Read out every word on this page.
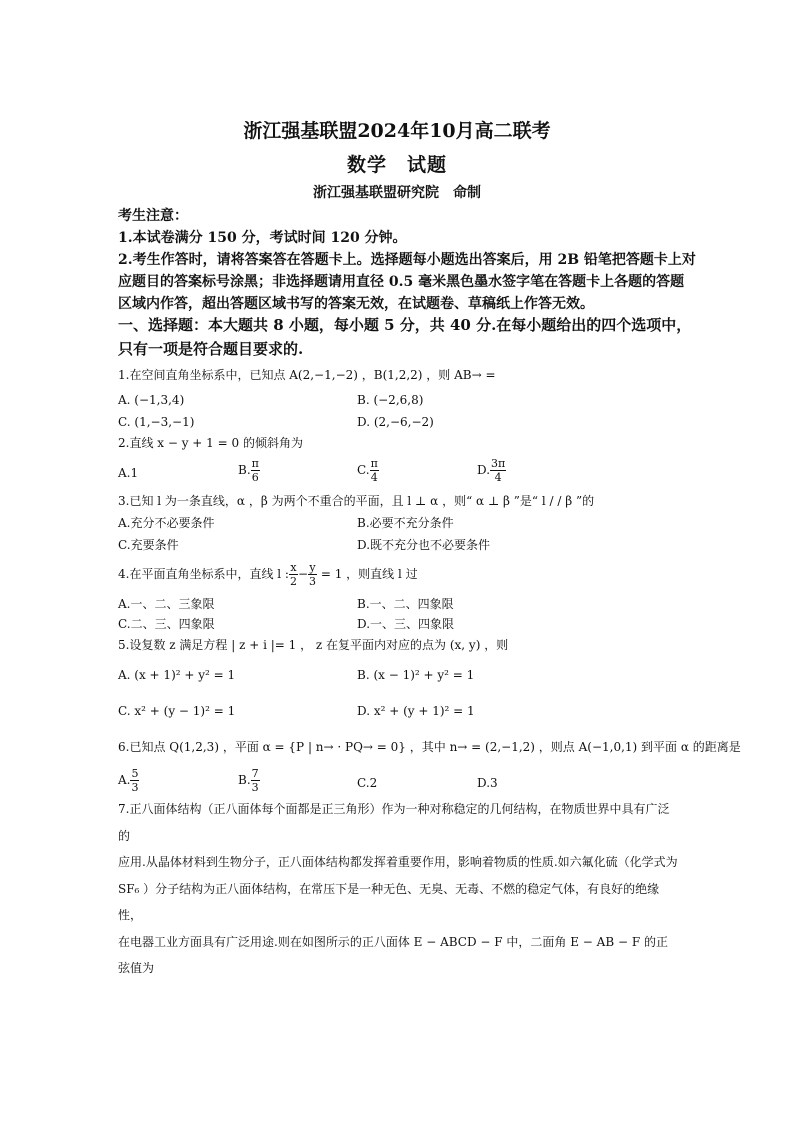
浙江强基联盟2024年10月高二联考
数学　试题
浙江强基联盟研究院　命制

考生注意：

1.本试卷满分 150 分，考试时间 120 分钟。

2.考生作答时，请将答案答在答题卡上。选择题每小题选出答案后，用 2B 铅笔把答题卡上对应题目的答案标号涂黑；非选择题请用直径 0.5 毫米黑色墨水签字笔在答题卡上各题的答题区域内作答，超出答题区域书写的答案无效，在试题卷、草稿纸上作答无效。

一、选择题：本大题共 8 小题，每小题 5 分，共 40 分.在每小题给出的四个选项中，只有一项是符合题目要求的.

1.在空间直角坐标系中，已知点 A(2,−1,−2) ，B(1,2,2) ，则 AB→ =
A. (−1,3,4)	B. (−2,6,8)
C. (1,−3,−1)	D. (2,−6,−2)
2.直线 x − y + 1 = 0 的倾斜角为
A.1	B. $\frac{\pi}{6}$	C. $\frac{\pi}{4}$	D. $\frac{3\pi}{4}$
3.已知 l 为一条直线，α ，β 为两个不重合的平面，且 l ⊥ α ，则“ α ⊥ β ”是“ l / / β ”的
A.充分不必要条件	B.必要不充分条件
C.充要条件	D.既不充分也不必要条件
4.在平面直角坐标系中，直线 l : $\frac{x}{2} - \frac{y}{3} = 1$ ，则直线 l 过
A.一、二、三象限	B.一、二、四象限
C.二、三、四象限	D.一、三、四象限
5.设复数 z 满足方程 | z + i |= 1 ， z 在复平面内对应的点为 (x, y) ，则
A. (x + 1)² + y² = 1	B. (x − 1)² + y² = 1
C. x² + (y − 1)² = 1	D. x² + (y + 1)² = 1
6.已知点 Q(1,2,3) ，平面 α = {P | n→ · PQ→ = 0} ，其中 n→ = (2,−1,2) ，则点 A(−1,0,1) 到平面 α 的距离是
A. $\frac{5}{3}$	B. $\frac{7}{3}$	C.2	D.3

7.正八面体结构（正八面体每个面都是正三角形）作为一种对称稳定的几何结构，在物质世界中具有广泛的

应用.从晶体材料到生物分子，正八面体结构都发挥着重要作用，影响着物质的性质.如六氟化硫（化学式为

SF₆ ）分子结构为正八面体结构，在常压下是一种无色、无臭、无毒、不燃的稳定气体，有良好的绝缘性，

在电器工业方面具有广泛用途.则在如图所示的正八面体 E − ABCD − F 中，二面角 E − AB − F 的正弦值为
